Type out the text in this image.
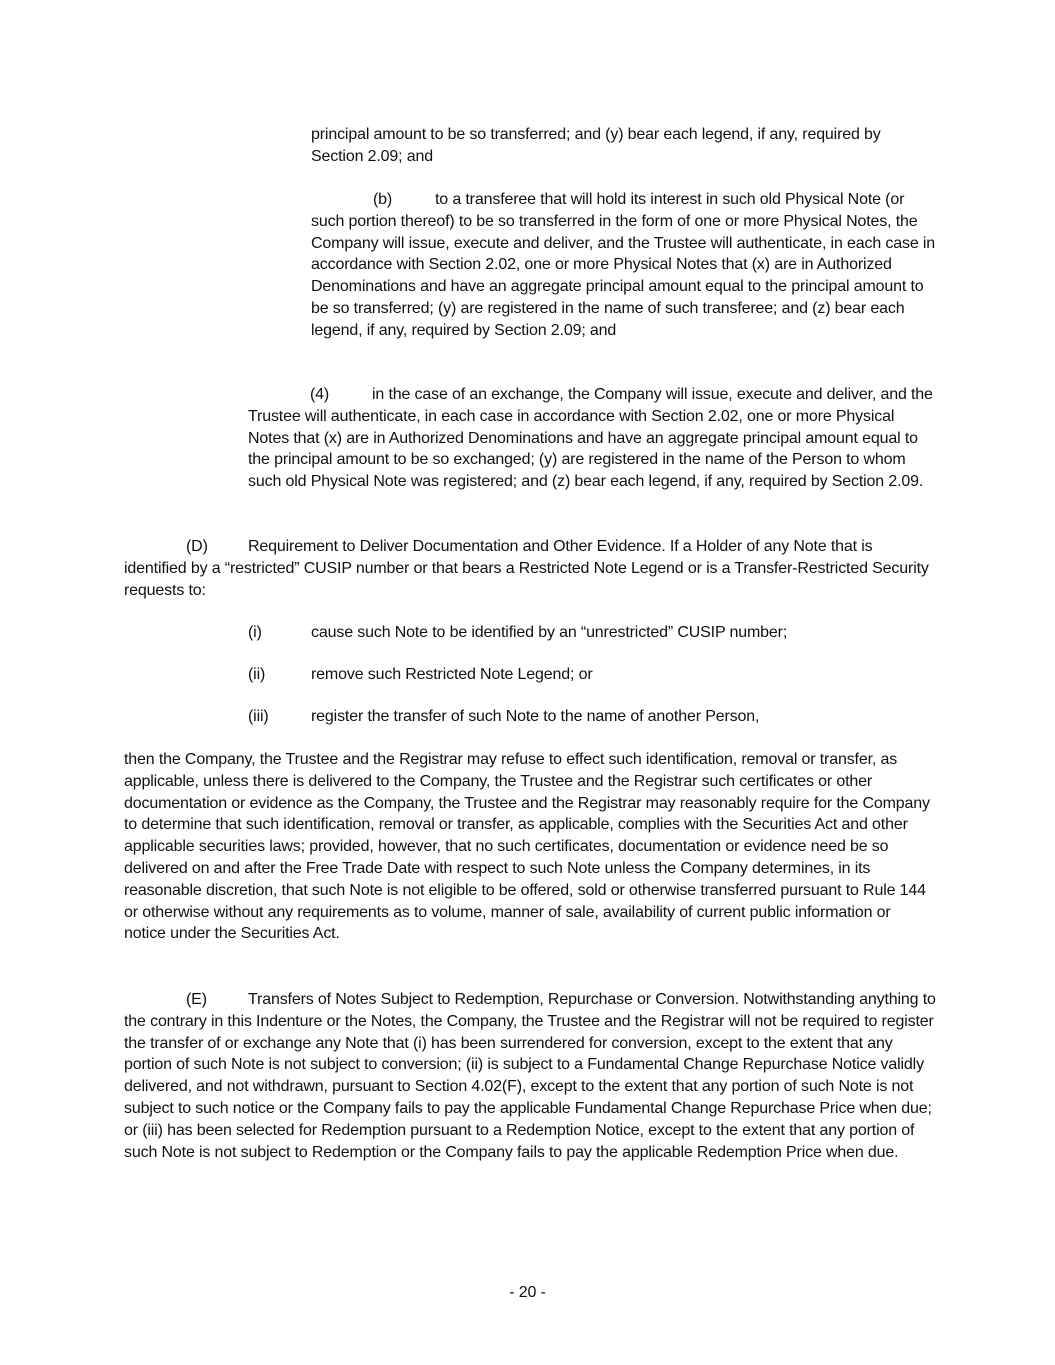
principal amount to be so transferred; and (y) bear each legend, if any, required by Section 2.09; and

(b)	to a transferee that will hold its interest in such old Physical Note (or such portion thereof) to be so transferred in the form of one or more Physical Notes, the Company will issue, execute and deliver, and the Trustee will authenticate, in each case in accordance with Section 2.02, one or more Physical Notes that (x) are in Authorized Denominations and have an aggregate principal amount equal to the principal amount to be so transferred; (y) are registered in the name of such transferee; and (z) bear each legend, if any, required by Section 2.09; and

(4)	in the case of an exchange, the Company will issue, execute and deliver, and the Trustee will authenticate, in each case in accordance with Section 2.02, one or more Physical Notes that (x) are in Authorized Denominations and have an aggregate principal amount equal to the principal amount to be so exchanged; (y) are registered in the name of the Person to whom such old Physical Note was registered; and (z) bear each legend, if any, required by Section 2.09.

(D)	Requirement to Deliver Documentation and Other Evidence. If a Holder of any Note that is identified by a “restricted” CUSIP number or that bears a Restricted Note Legend or is a Transfer-Restricted Security requests to:

(i)	cause such Note to be identified by an “unrestricted” CUSIP number;
(ii)	remove such Restricted Note Legend; or
(iii)	register the transfer of such Note to the name of another Person,

then the Company, the Trustee and the Registrar may refuse to effect such identification, removal or transfer, as applicable, unless there is delivered to the Company, the Trustee and the Registrar such certificates or other documentation or evidence as the Company, the Trustee and the Registrar may reasonably require for the Company to determine that such identification, removal or transfer, as applicable, complies with the Securities Act and other applicable securities laws; provided, however, that no such certificates, documentation or evidence need be so delivered on and after the Free Trade Date with respect to such Note unless the Company determines, in its reasonable discretion, that such Note is not eligible to be offered, sold or otherwise transferred pursuant to Rule 144 or otherwise without any requirements as to volume, manner of sale, availability of current public information or notice under the Securities Act.

(E)	Transfers of Notes Subject to Redemption, Repurchase or Conversion. Notwithstanding anything to the contrary in this Indenture or the Notes, the Company, the Trustee and the Registrar will not be required to register the transfer of or exchange any Note that (i) has been surrendered for conversion, except to the extent that any portion of such Note is not subject to conversion; (ii) is subject to a Fundamental Change Repurchase Notice validly delivered, and not withdrawn, pursuant to Section 4.02(F), except to the extent that any portion of such Note is not subject to such notice or the Company fails to pay the applicable Fundamental Change Repurchase Price when due; or (iii) has been selected for Redemption pursuant to a Redemption Notice, except to the extent that any portion of such Note is not subject to Redemption or the Company fails to pay the applicable Redemption Price when due.

- 20 -
